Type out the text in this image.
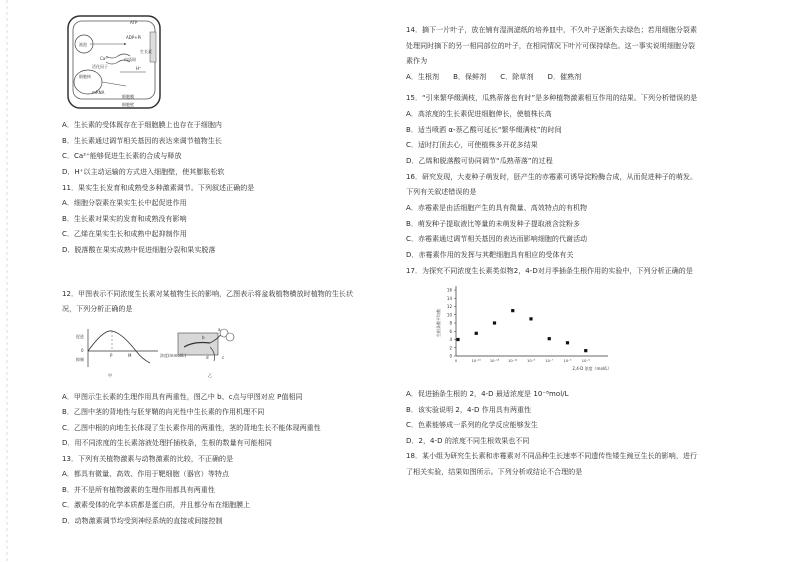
ATP
ADP+Pi
液泡
Ca²⁺
生长素
H⁺
内质网
细胞核
活化因子
mRNA
细胞膜
细胞壁
A．生长素的受体既存在于细胞膜上也存在于细胞内
B．生长素通过调节相关基因的表达来调节植物生长
C．Ca²⁺能够促进生长素的合成与释放
D．H⁺以主动运输的方式进入细胞壁，使其膨胀松软
11．果实生长发育和成熟受多种激素调节。下列叙述正确的是
A．细胞分裂素在果实生长中起促进作用
B．生长素对果实的发育和成熟没有影响
C．乙烯在果实生长和成熟中起抑制作用
D．脱落酸在果实成熟中促进细胞分裂和果实脱落
12．甲图表示不同浓度生长素对某植物生长的影响，乙图表示将盆栽植物横放时植物的生长状
况，下列分析正确的是
促进
0
抑制
P	M	浓度(mmol/L)
甲	乙
a
b
c
d
A．甲图示生长素的生理作用具有两重性，图乙中 b、c点与甲图对应 P值相同
B．乙图中茎的背地性与胚芽鞘的向光性中生长素的作用机理不同
C．乙图中根的向地生长体现了生长素作用的两重性，茎的背地生长不能体现两重性
D．用不同浓度的生长素溶液处理扦插枝条，生根的数量有可能相同
13．下列有关植物激素与动物激素的比较，不正确的是
A．都具有微量、高效、作用于靶细胞（器官）等特点
B．并不是所有植物激素的生理作用都具有两重性
C．激素受体的化学本质都是蛋白质，并且都分布在细胞膜上
D．动物激素调节均受到神经系统的直接或间接控制
14．摘下一片叶子，放在铺有湿润滤纸的培养皿中，不久叶子逐渐失去绿色；若用细胞分裂素
处理同时摘下的另一相同部位的叶子，在相同情况下叶片可保持绿色。这一事实说明细胞分裂
素作为
A．生根剂　　B．保鲜剂　　C．除草剂　　D．催熟剂
15．“引来繁华缀满枝，瓜熟蒂落也有时”是多种植物激素相互作用的结果。下列分析错误的是
A．高浓度的生长素促进细胞伸长，使植株长高
B．适当喷洒 α-萘乙酸可延长“繁华缀满枝”的时间
C．适时打顶去心，可使植株多开花多结果
D．乙烯和脱落酸可协同调节“瓜熟蒂落”的过程
16．研究发现，大麦种子萌发时，胚产生的赤霉素可诱导淀粉酶合成，从而促进种子的萌发。
下列有关叙述错误的是
A．赤霉素是由活细胞产生的具有微量、高效特点的有机物
B．萌发种子提取液比等量的未萌发种子提取液含淀粉多
C．赤霉素通过调节相关基因的表达而影响细胞的代谢活动
D．赤霉素作用的发挥与其靶细胞具有相应的受体有关
17．为探究不同浓度生长素类似物2，4-D对月季插条生根作用的实验中，下列分析正确的是
0
2
4
6
8
10
12
14
16
10⁻¹⁵ 10⁻¹³ 10⁻¹¹	10⁻⁹	10⁻⁷	10⁻⁵	10⁻³
0
2,4-D 浓度（mol/L）
生根条数平均数
A．促进插条生根的 2，4-D 最适浓度是 10⁻⁸mol/L
B．该实验说明 2，4-D 作用具有两重性
C．色素能够成一系列的化学反应能够发生
D．2，4-D 的浓度不同生根效果也不同
18．某小组为研究生长素和赤霉素对不同品种生长速率不同遗传性矮生豌豆生长的影响，进行
了相关实验，结果如图所示。下列分析或结论不合理的是
